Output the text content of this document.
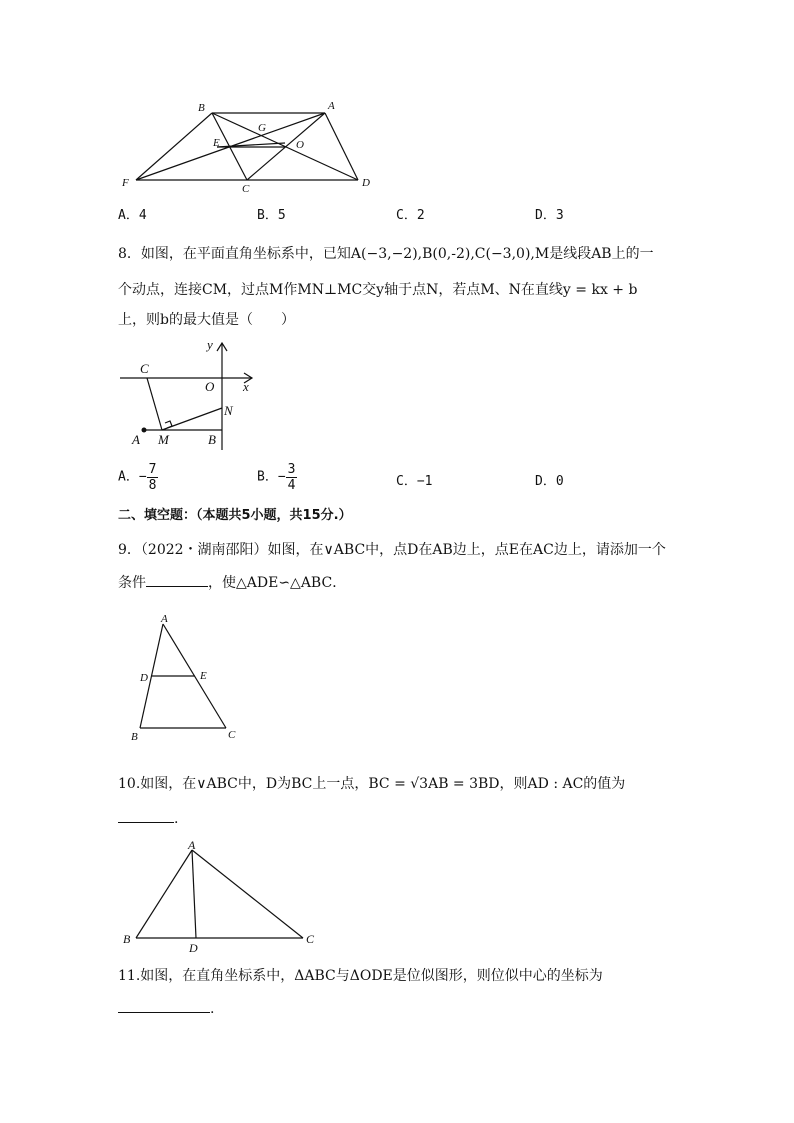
B	A
G
E	O
F	C	D
A．4	B．5	C．2	D．3
8．如图，在平面直角坐标系中，已知A(−3,−2),B(0,-2),C(−3,0),M是线段AB上的一
个动点，连接CM，过点M作MN⊥MC交y轴于点N，若点M、N在直线y = kx + b
上，则b的最大值是（　　）
y
C
O x
N
A M	B
A．− $\frac{7}{8}$	B．− $\frac{3}{4}$	C．−1	D．0
二、填空题：（本题共5小题，共15分.）
9．（2022・湖南邵阳）如图，在∨ABC中，点D在AB边上，点E在AC边上，请添加一个
条件	，使△ADE∽△ABC．
A
D	E
B	C
10.如图，在∨ABC中，D为BC上一点，BC = √3AB = 3BD，则AD : AC的值为
.
A
B
D
C
11.如图，在直角坐标系中，ΔABC与ΔODE是位似图形，则位似中心的坐标为
.
